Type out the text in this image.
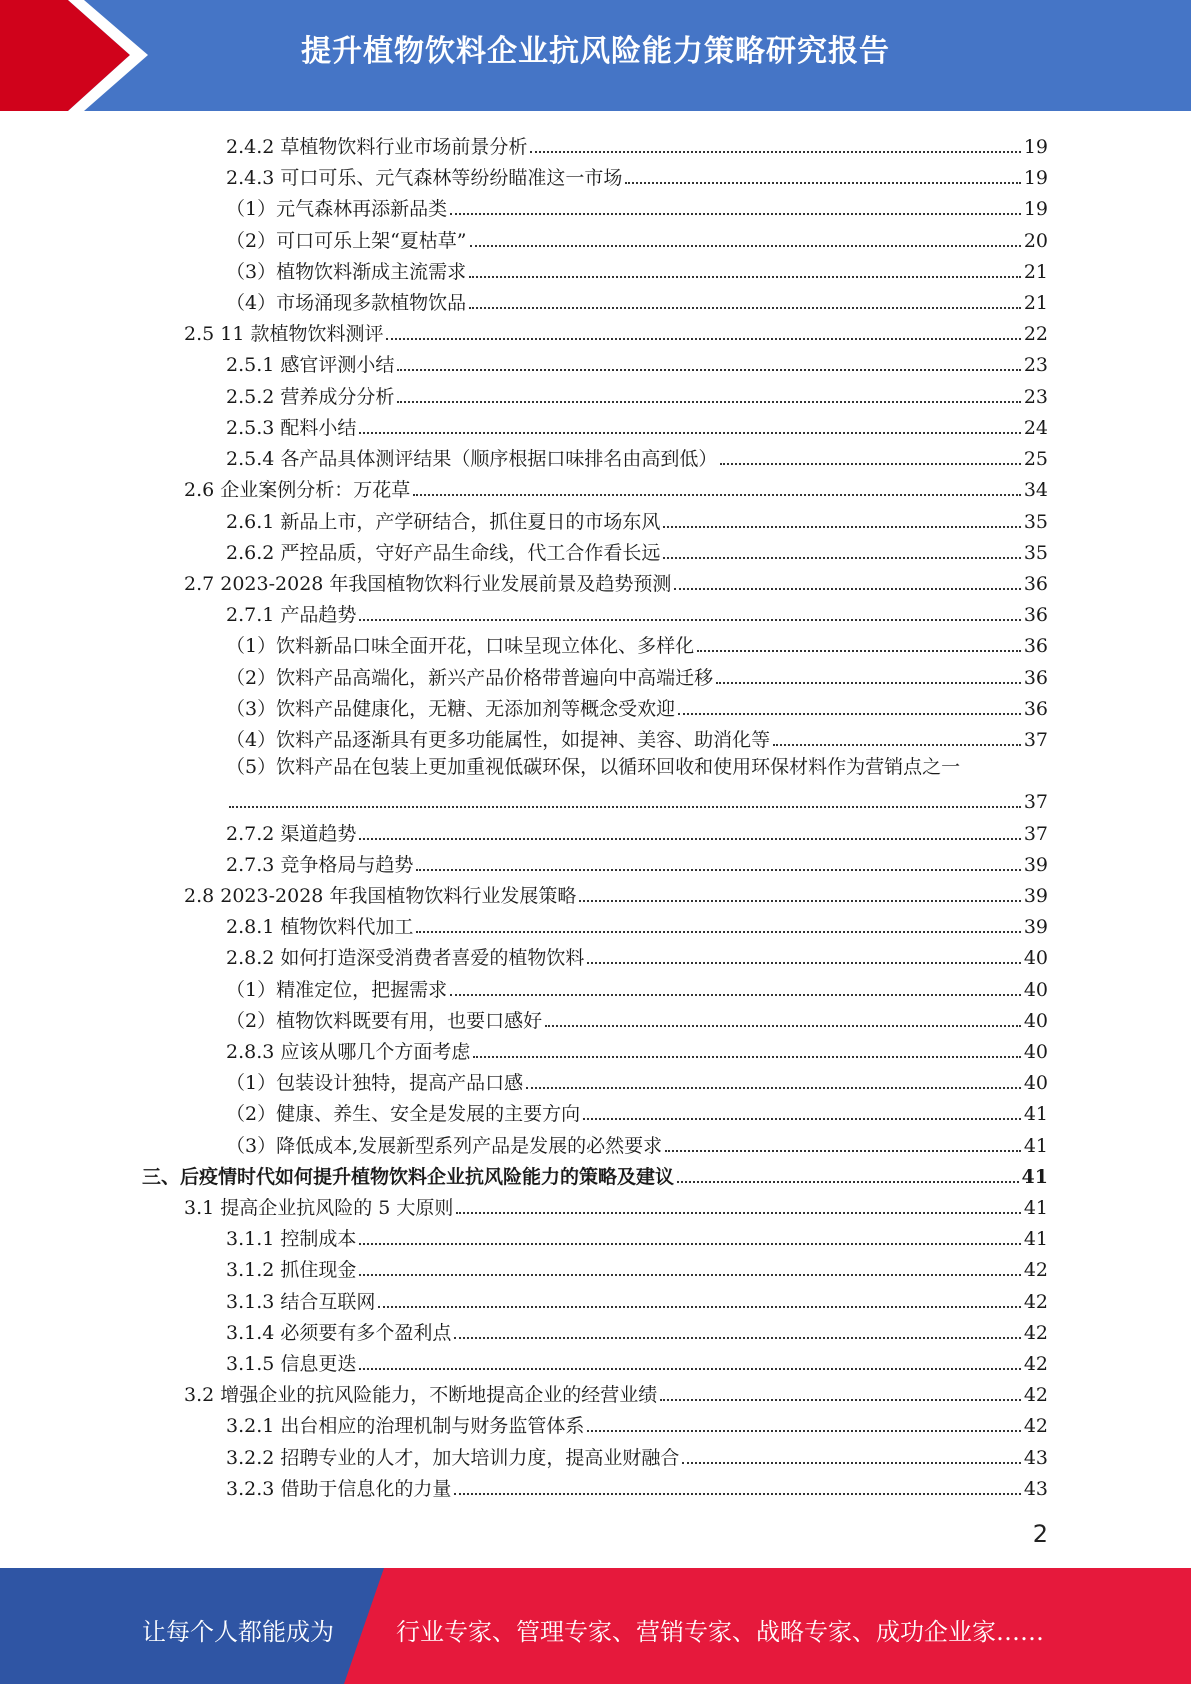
提升植物饮料企业抗风险能力策略研究报告
2.4.2 草植物饮料行业市场前景分析	19
2.4.3 可口可乐、元气森林等纷纷瞄准这一市场	19
（1）元气森林再添新品类	19
（2）可口可乐上架“夏枯草”	20
（3）植物饮料渐成主流需求	21
（4）市场涌现多款植物饮品	21
2.5 11 款植物饮料测评	22
2.5.1 感官评测小结	23
2.5.2 营养成分分析	23
2.5.3 配料小结	24
2.5.4 各产品具体测评结果（顺序根据口味排名由高到低）	25
2.6 企业案例分析：万花草	34
2.6.1 新品上市，产学研结合，抓住夏日的市场东风	35
2.6.2 严控品质，守好产品生命线，代工合作看长远	35
2.7 2023-2028 年我国植物饮料行业发展前景及趋势预测	36
2.7.1 产品趋势	36
（1）饮料新品口味全面开花，口味呈现立体化、多样化	36
（2）饮料产品高端化，新兴产品价格带普遍向中高端迁移	36
（3）饮料产品健康化，无糖、无添加剂等概念受欢迎	36
（4）饮料产品逐渐具有更多功能属性，如提神、美容、助消化等	37
（5）饮料产品在包装上更加重视低碳环保，以循环回收和使用环保材料作为营销点之一
37
2.7.2 渠道趋势	37
2.7.3 竞争格局与趋势	39
2.8 2023-2028 年我国植物饮料行业发展策略	39
2.8.1 植物饮料代加工	39
2.8.2 如何打造深受消费者喜爱的植物饮料	40
（1）精准定位，把握需求	40
（2）植物饮料既要有用，也要口感好	40
2.8.3 应该从哪几个方面考虑	40
（1）包装设计独特，提高产品口感	40
（2）健康、养生、安全是发展的主要方向	41
（3）降低成本,发展新型系列产品是发展的必然要求	41
三、后疫情时代如何提升植物饮料企业抗风险能力的策略及建议	41
3.1 提高企业抗风险的 5 大原则	41
3.1.1 控制成本	41
3.1.2 抓住现金	42
3.1.3 结合互联网	42
3.1.4 必须要有多个盈利点	42
3.1.5 信息更迭	42
3.2 增强企业的抗风险能力，不断地提高企业的经营业绩	42
3.2.1 出台相应的治理机制与财务监管体系	42
3.2.2 招聘专业的人才，加大培训力度，提高业财融合	43
3.2.3 借助于信息化的力量	43
2
让每个人都能成为	行业专家、管理专家、营销专家、战略专家、成功企业家……
